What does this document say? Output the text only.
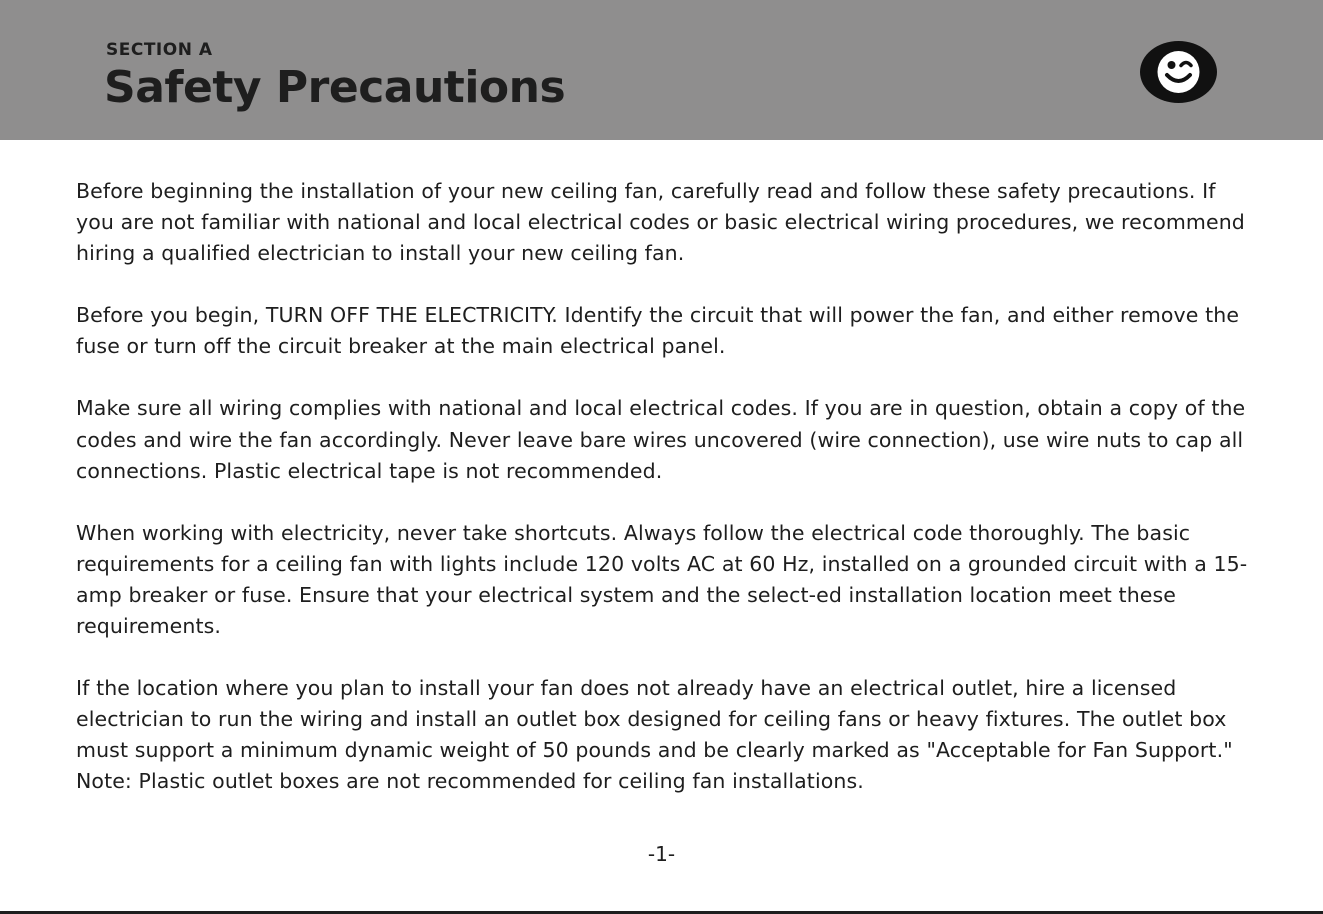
SECTION A
Safety Precautions

Before beginning the installation of your new ceiling fan, carefully read and follow these safety precautions. If you are not familiar with national and local electrical codes or basic electrical wiring procedures, we recommend hiring a qualified electrician to install your new ceiling fan.

Before you begin, TURN OFF THE ELECTRICITY. Identify the circuit that will power the fan, and either remove the fuse or turn off the circuit breaker at the main electrical panel.

Make sure all wiring complies with national and local electrical codes. If you are in question, obtain a copy of the codes and wire the fan accordingly. Never leave bare wires uncovered (wire connection), use wire nuts to cap all connections. Plastic electrical tape is not recommended.

When working with electricity, never take shortcuts. Always follow the electrical code thoroughly. The basic requirements for a ceiling fan with lights include 120 volts AC at 60 Hz, installed on a grounded circuit with a 15-amp breaker or fuse. Ensure that your electrical system and the select-ed installation location meet these requirements.

If the location where you plan to install your fan does not already have an electrical outlet, hire a licensed electrician to run the wiring and install an outlet box designed for ceiling fans or heavy fixtures. The outlet box must support a minimum dynamic weight of 50 pounds and be clearly marked as "Acceptable for Fan Support."

Note: Plastic outlet boxes are not recommended for ceiling fan installations.

-1-
